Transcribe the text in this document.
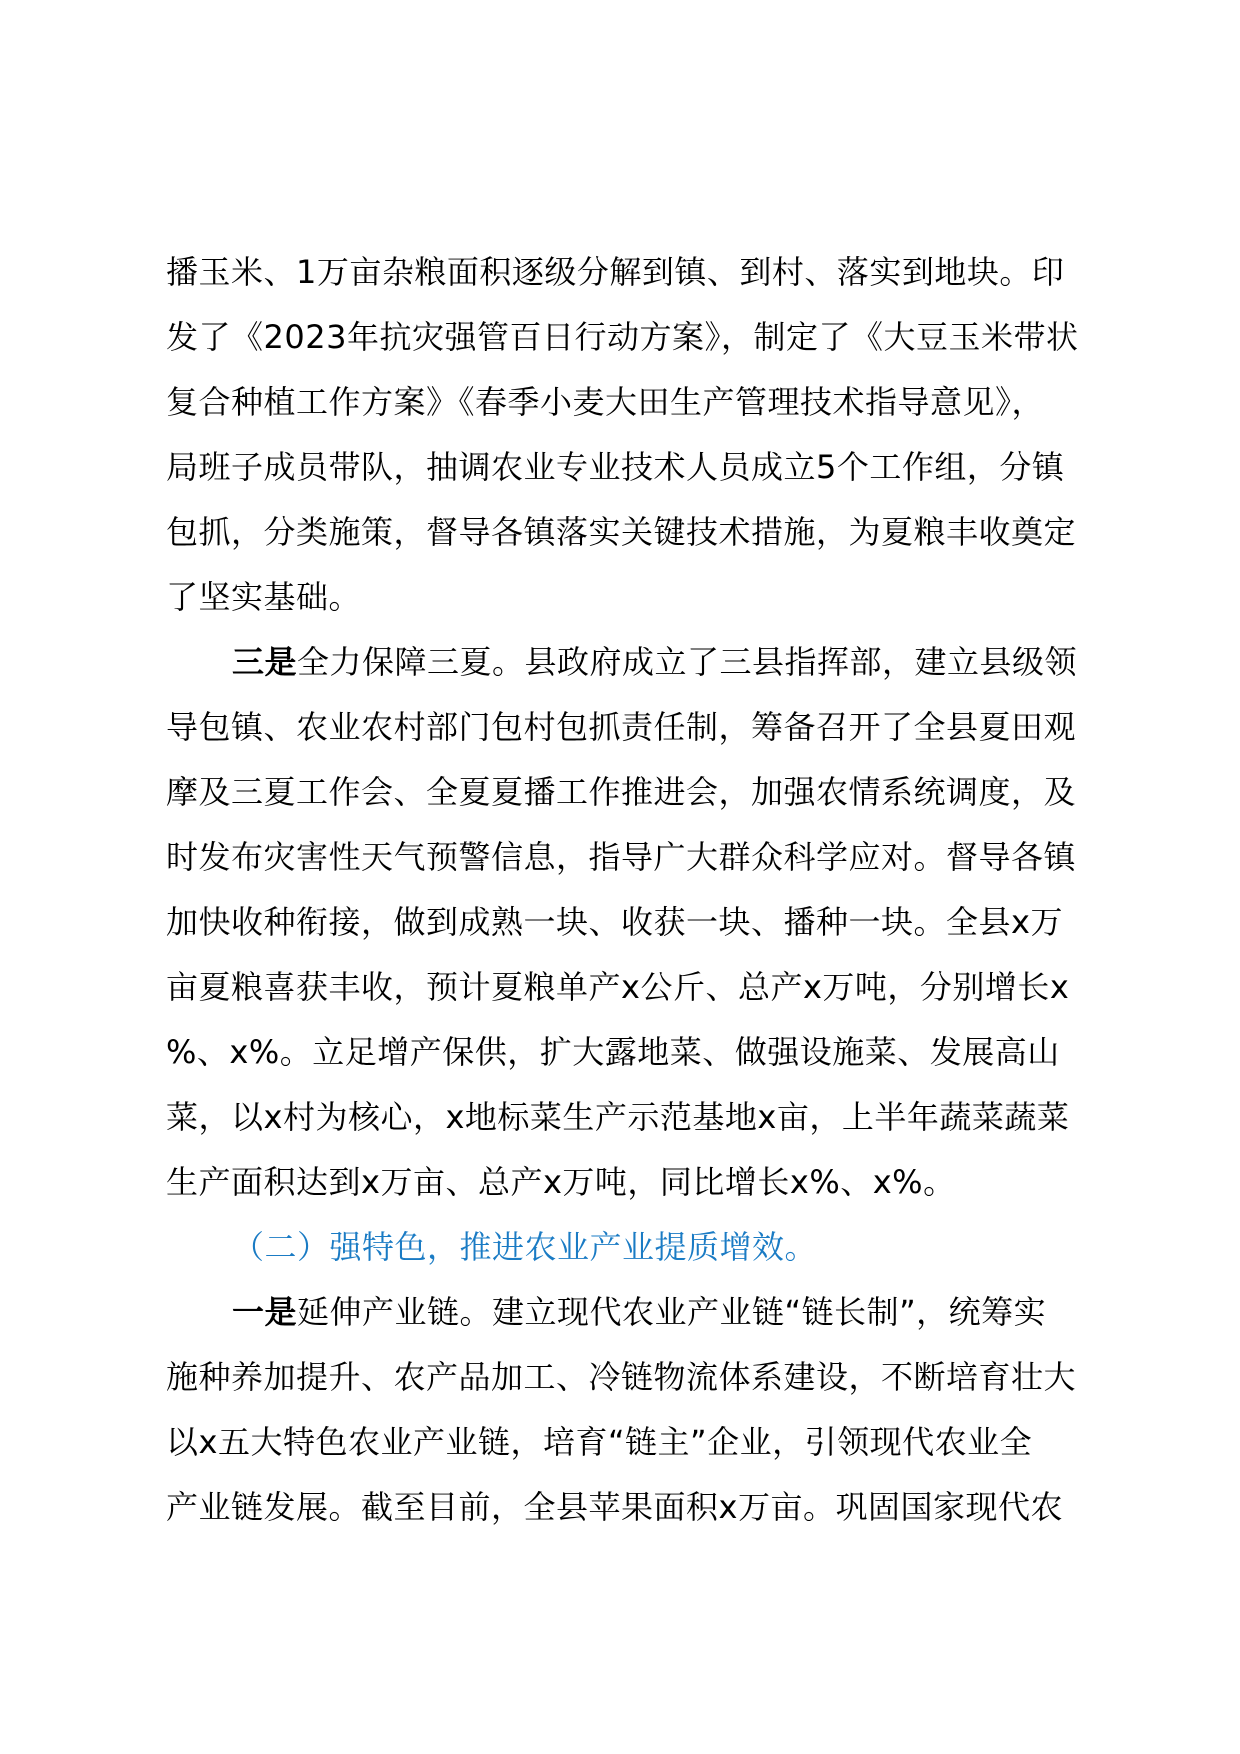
播玉米、1万亩杂粮面积逐级分解到镇、到村、落实到地块。印
发了《2023年抗灾强管百日行动方案》，制定了《大豆玉米带状
复合种植工作方案》《春季小麦大田生产管理技术指导意见》，
局班子成员带队，抽调农业专业技术人员成立5个工作组，分镇
包抓，分类施策，督导各镇落实关键技术措施，为夏粮丰收奠定
了坚实基础。
三是全力保障三夏。县政府成立了三县指挥部，建立县级领
导包镇、农业农村部门包村包抓责任制，筹备召开了全县夏田观
摩及三夏工作会、全夏夏播工作推进会，加强农情系统调度，及
时发布灾害性天气预警信息，指导广大群众科学应对。督导各镇
加快收种衔接，做到成熟一块、收获一块、播种一块。全县x万
亩夏粮喜获丰收，预计夏粮单产x公斤、总产x万吨，分别增长x
%、x%。立足增产保供，扩大露地菜、做强设施菜、发展高山
菜，以x村为核心，x地标菜生产示范基地x亩，上半年蔬菜蔬菜
生产面积达到x万亩、总产x万吨，同比增长x%、x%。
（二）强特色，推进农业产业提质增效。
一是延伸产业链。建立现代农业产业链“链长制”，统筹实
施种养加提升、农产品加工、冷链物流体系建设，不断培育壮大
以x五大特色农业产业链，培育“链主”企业，引领现代农业全
产业链发展。截至目前，全县苹果面积x万亩。巩固国家现代农
